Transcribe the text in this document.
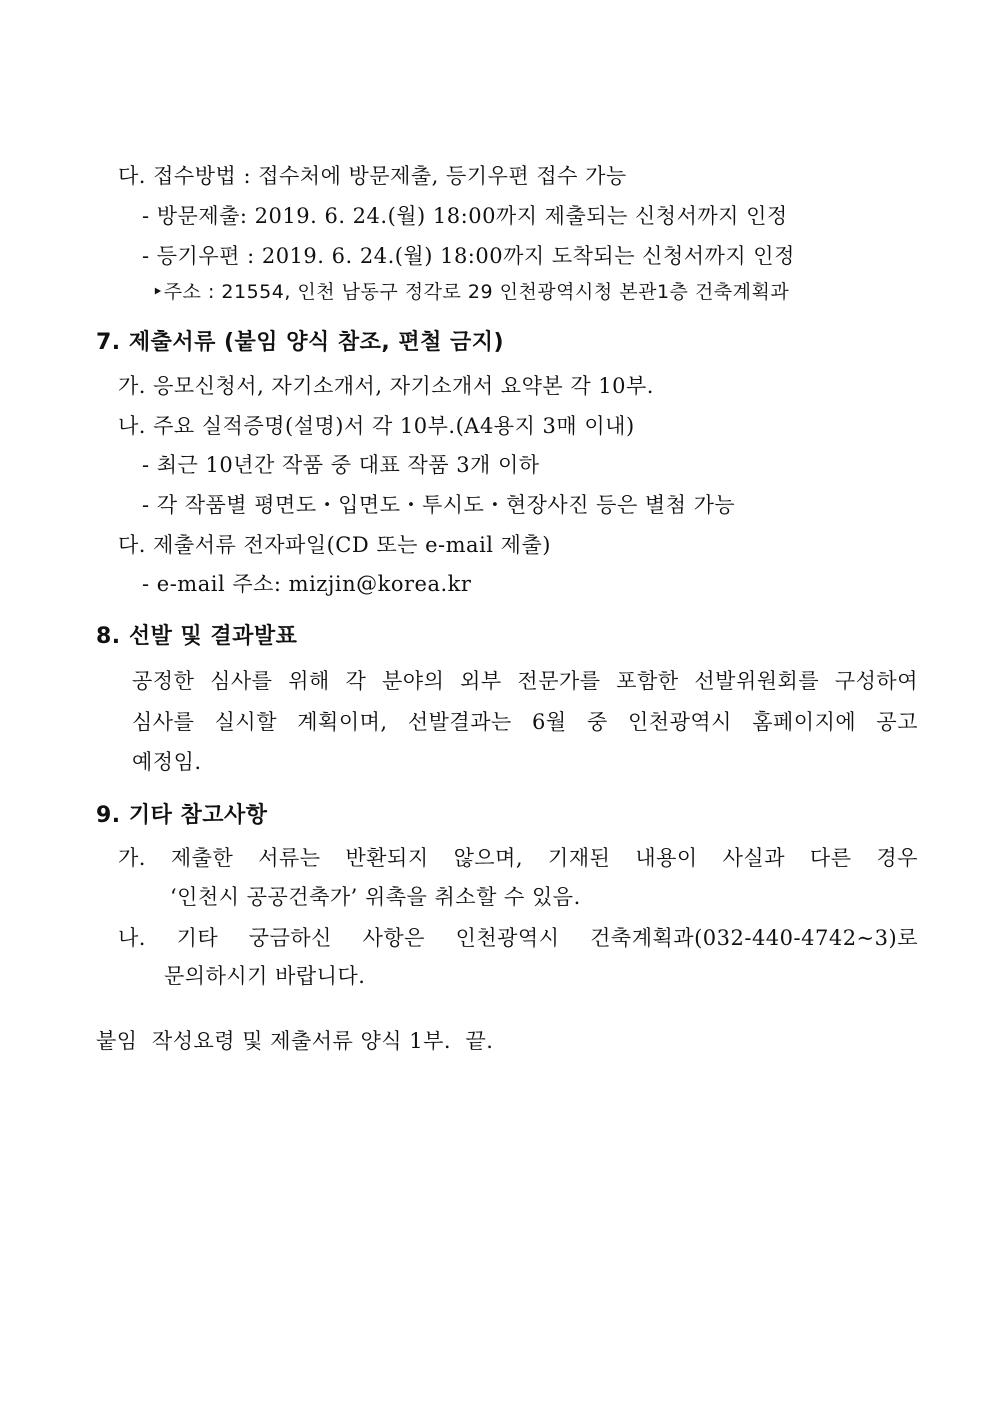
다. 접수방법 : 접수처에 방문제출, 등기우편 접수 가능
- 방문제출: 2019. 6. 24.(월) 18:00까지 제출되는 신청서까지 인정
- 등기우편 : 2019. 6. 24.(월) 18:00까지 도착되는 신청서까지 인정
‣주소 : 21554, 인천 남동구 정각로 29 인천광역시청 본관1층 건축계획과
7. 제출서류 (붙임 양식 참조, 편철 금지)
가. 응모신청서, 자기소개서, 자기소개서 요약본 각 10부.
나. 주요 실적증명(설명)서 각 10부.(A4용지 3매 이내)
- 최근 10년간 작품 중 대표 작품 3개 이하
- 각 작품별 평면도・입면도・투시도・현장사진 등은 별첨 가능
다. 제출서류 전자파일(CD 또는 e-mail 제출)
- e-mail 주소: mizjin@korea.kr
8. 선발 및 결과발표
공정한 심사를 위해 각 분야의 외부 전문가를 포함한 선발위원회를 구성하여
심사를 실시할 계획이며, 선발결과는 6월 중 인천광역시 홈페이지에 공고
예정임.
9. 기타 참고사항
가. 제출한 서류는 반환되지 않으며, 기재된 내용이 사실과 다른 경우
‘인천시 공공건축가’ 위촉을 취소할 수 있음.
나. 기타 궁금하신 사항은 인천광역시 건축계획과(032-440-4742∼3)로
문의하시기 바랍니다.
붙임  작성요령 및 제출서류 양식 1부.  끝.
